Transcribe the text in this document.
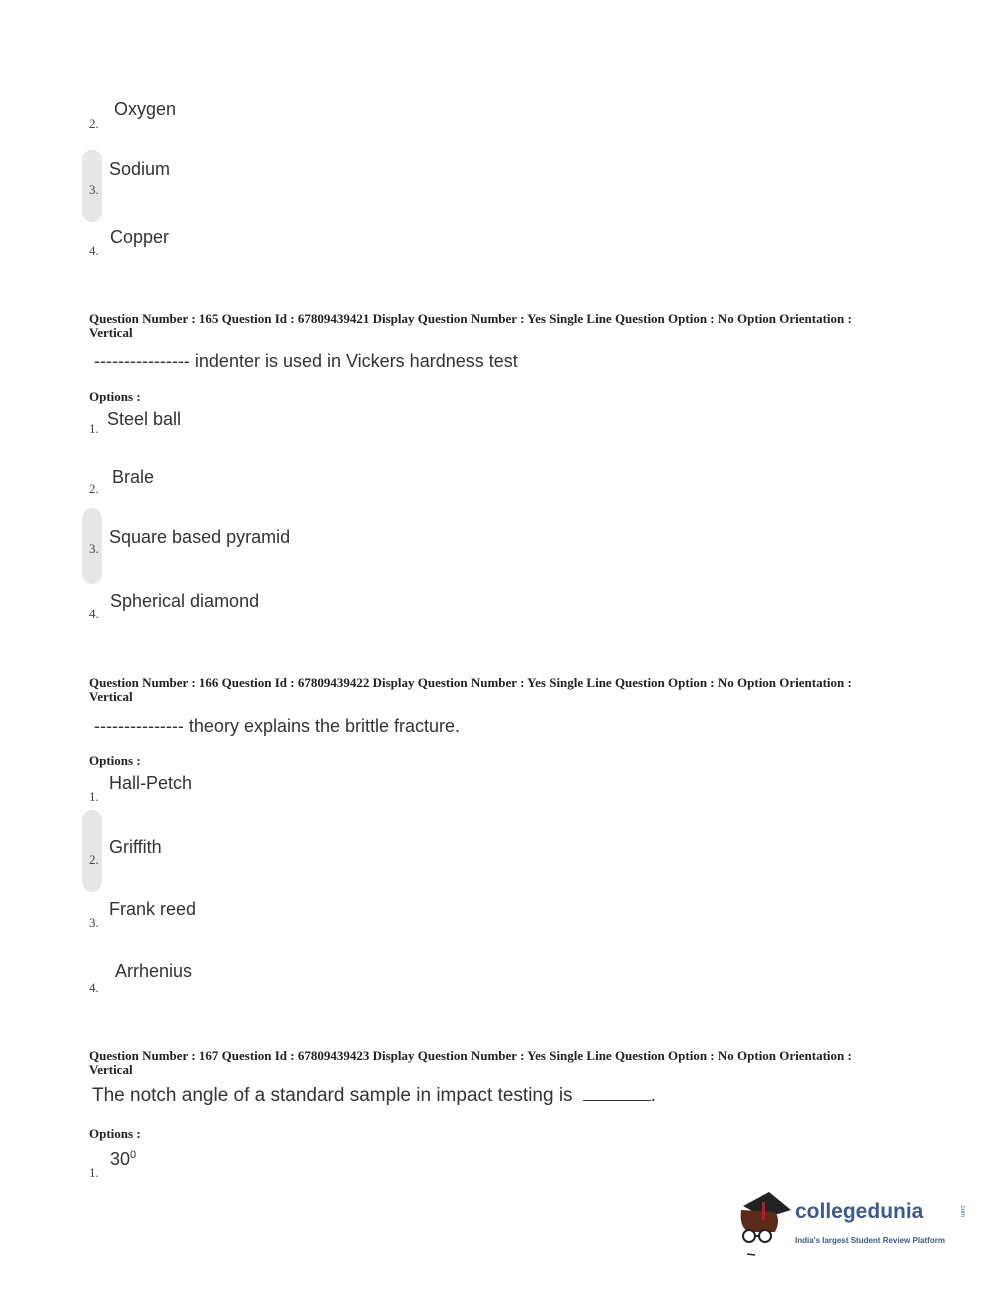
2.
Oxygen
3.
Sodium
4.
Copper
Question Number : 165 Question Id : 67809439421 Display Question Number : Yes Single Line Question Option : No Option Orientation : Vertical
---------------- indenter is used in Vickers hardness test
Options :
1. Steel ball
2.
Brale
3.
Square based pyramid
4.
Spherical diamond
Question Number : 166 Question Id : 67809439422 Display Question Number : Yes Single Line Question Option : No Option Orientation : Vertical
--------------- theory explains the brittle fracture.
Options :
1.
Hall-Petch
2.
Griffith
3.
Frank reed
4.
Arrhenius
Question Number : 167 Question Id : 67809439423 Display Question Number : Yes Single Line Question Option : No Option Orientation : Vertical
The notch angle of a standard sample in impact testing is	.
Options :
1.
$30^0$
collegedunia	.com
India's largest Student Review Platform
